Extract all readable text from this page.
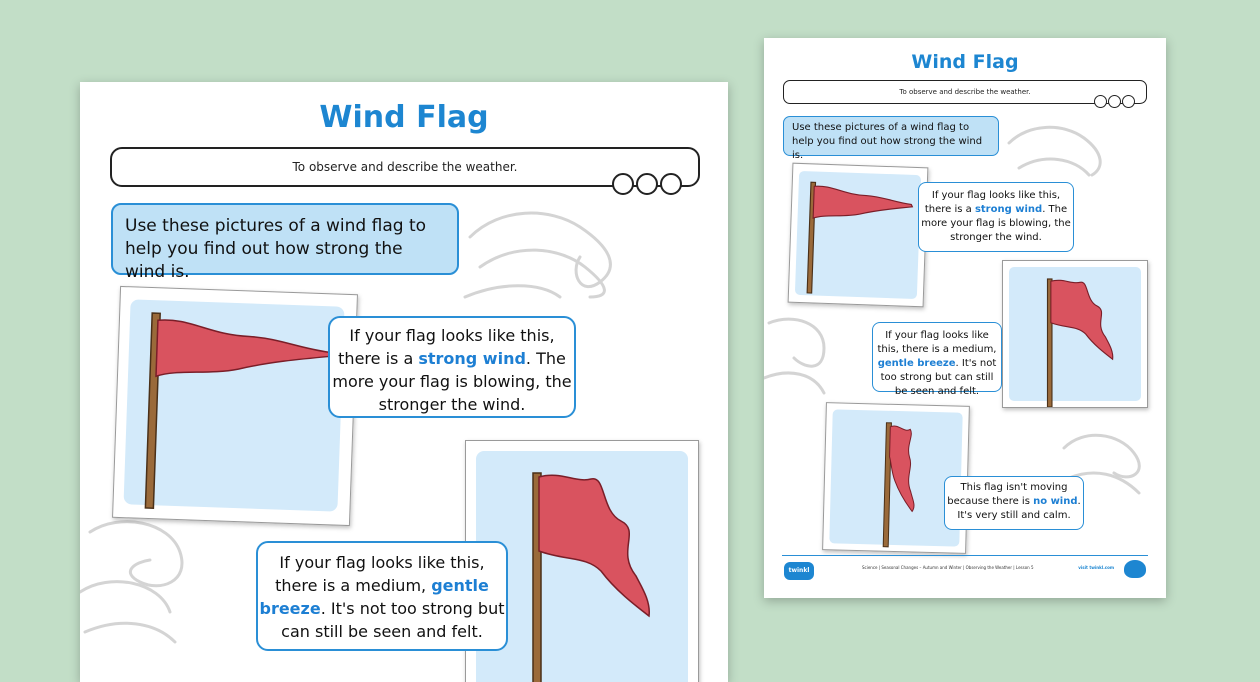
Wind Flag
To observe and describe the weather.
Use these pictures of a wind flag to help you find out how strong the wind is.
If your flag looks like this, there is a strong wind. The more your flag is blowing, the stronger the wind.
If your flag looks like this, there is a medium, gentle breeze. It's not too strong but can still be seen and felt.
Wind Flag
To observe and describe the weather.
Use these pictures of a wind flag to help you find out how strong the wind is.
If your flag looks like this, there is a strong wind. The more your flag is blowing, the stronger the wind.
If your flag looks like this, there is a medium, gentle breeze. It's not too strong but can still be seen and felt.
This flag isn't moving because there is no wind. It's very still and calm.
twinkl	Science | Seasonal Changes – Autumn and Winter | Observing the Weather | Lesson 5	visit twinkl.com
